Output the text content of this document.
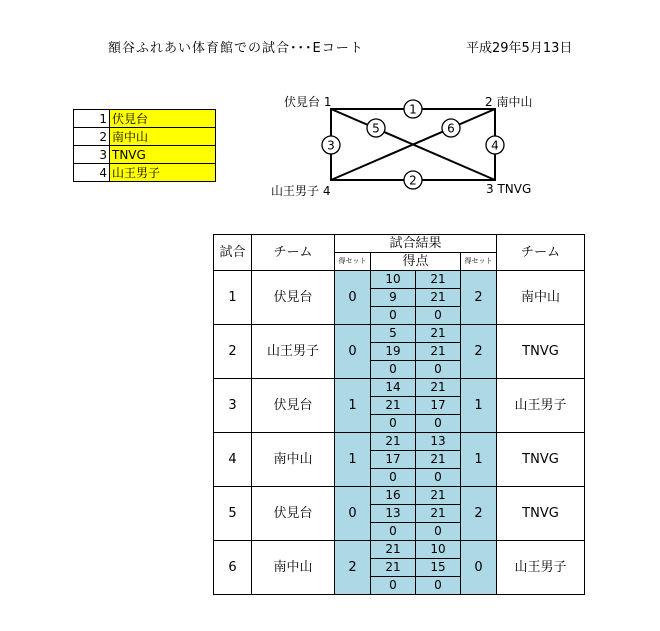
額谷ふれあい体育館での試合･･･Eコート	平成29年5月13日
1	伏見台
2	南中山
3	TNVG
4	山王男子
1
2
3	4
5	6
伏見台 1	2 南中山
山王男子 4	3 TNVG
試合	チーム	試合結果				チーム
		得セット	得点		得セット	
1	伏見台	0	10	21	2	南中山
			9	21		
			0	0		
2	山王男子	0	5	21	2	TNVG
			19	21		
			0	0		
3	伏見台	1	14	21	1	山王男子
			21	17		
			0	0		
4	南中山	1	21	13	1	TNVG
			17	21		
			0	0		
5	伏見台	0	16	21	2	TNVG
			13	21		
			0	0		
6	南中山	2	21	10	0	山王男子
			21	15		
			0	0		
